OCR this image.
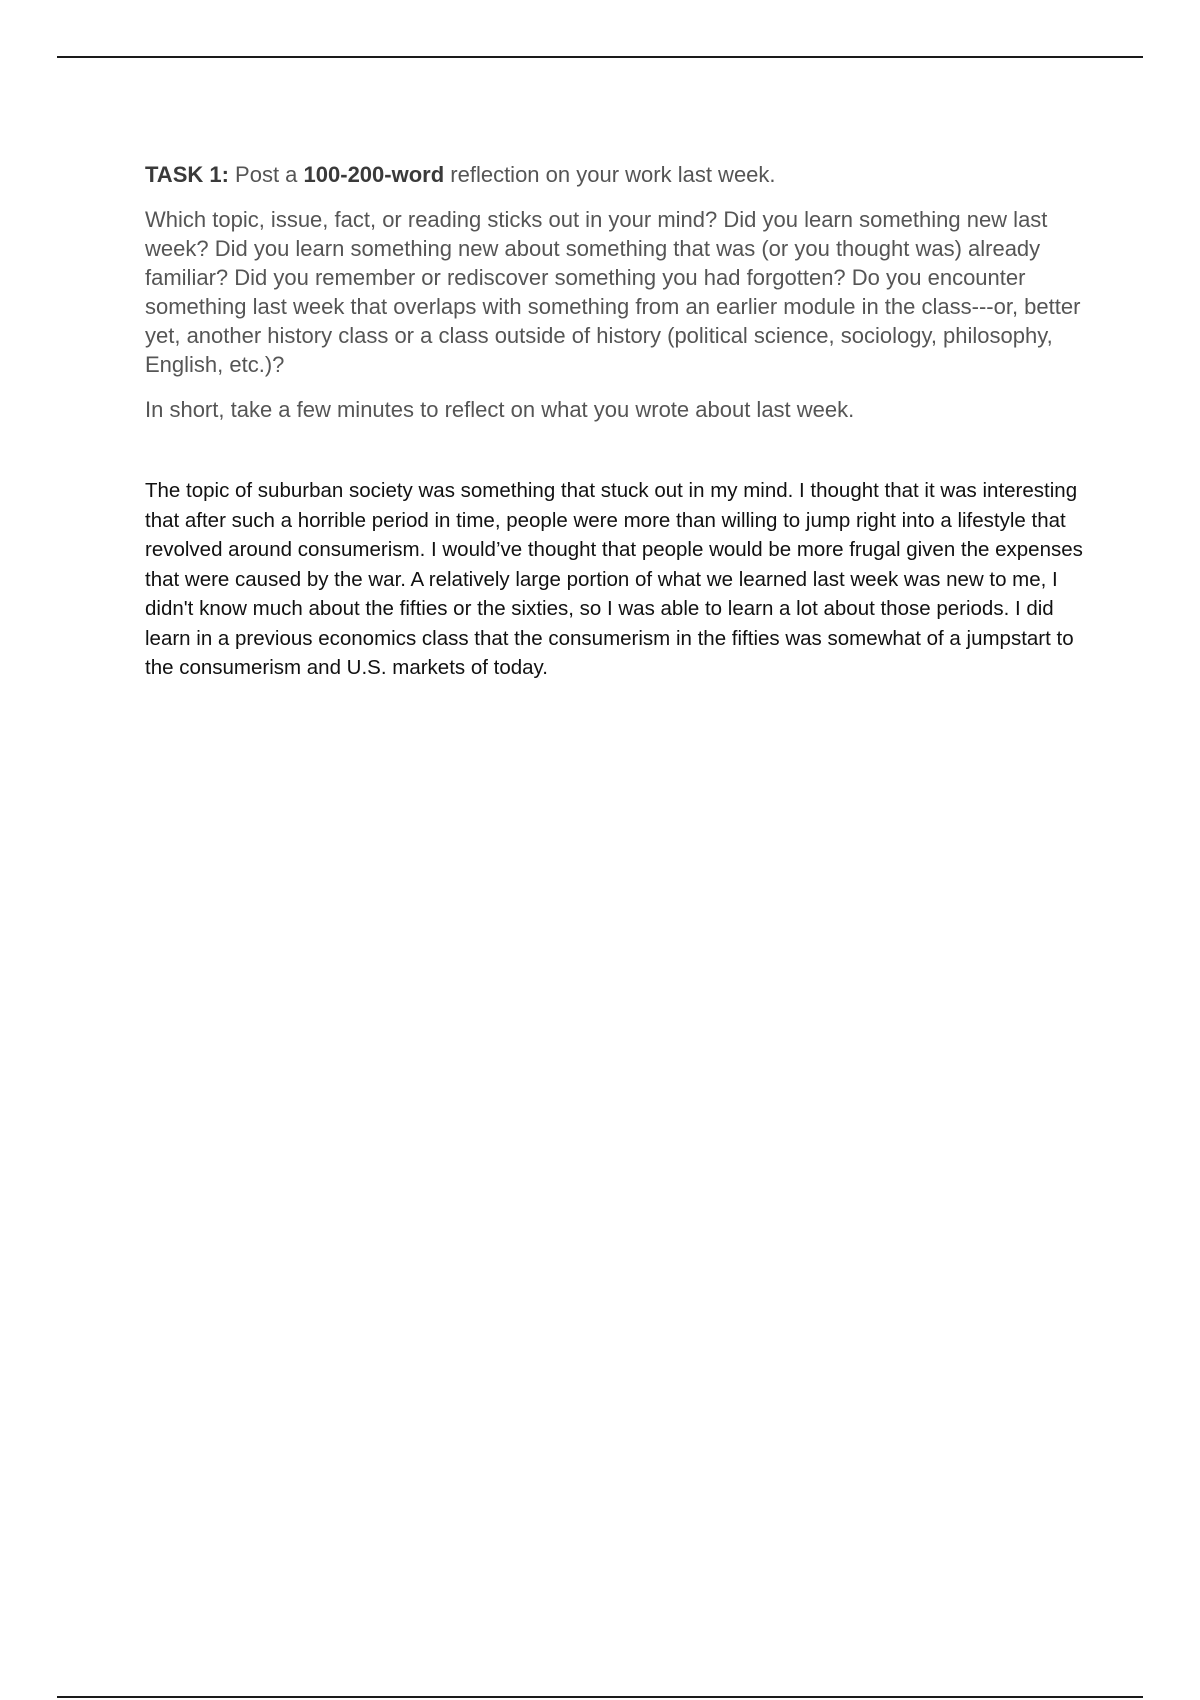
TASK 1: Post a 100-200-word reflection on your work last week.

Which topic, issue, fact, or reading sticks out in your mind? Did you learn something new last week? Did you learn something new about something that was (or you thought was) already familiar? Did you remember or rediscover something you had forgotten? Do you encounter something last week that overlaps with something from an earlier module in the class---or, better yet, another history class or a class outside of history (political science, sociology, philosophy, English, etc.)?

In short, take a few minutes to reflect on what you wrote about last week.

The topic of suburban society was something that stuck out in my mind. I thought that it was interesting that after such a horrible period in time, people were more than willing to jump right into a lifestyle that revolved around consumerism. I would’ve thought that people would be more frugal given the expenses that were caused by the war. A relatively large portion of what we learned last week was new to me, I didn't know much about the fifties or the sixties, so I was able to learn a lot about those periods. I did learn in a previous economics class that the consumerism in the fifties was somewhat of a jumpstart to the consumerism and U.S. markets of today.
